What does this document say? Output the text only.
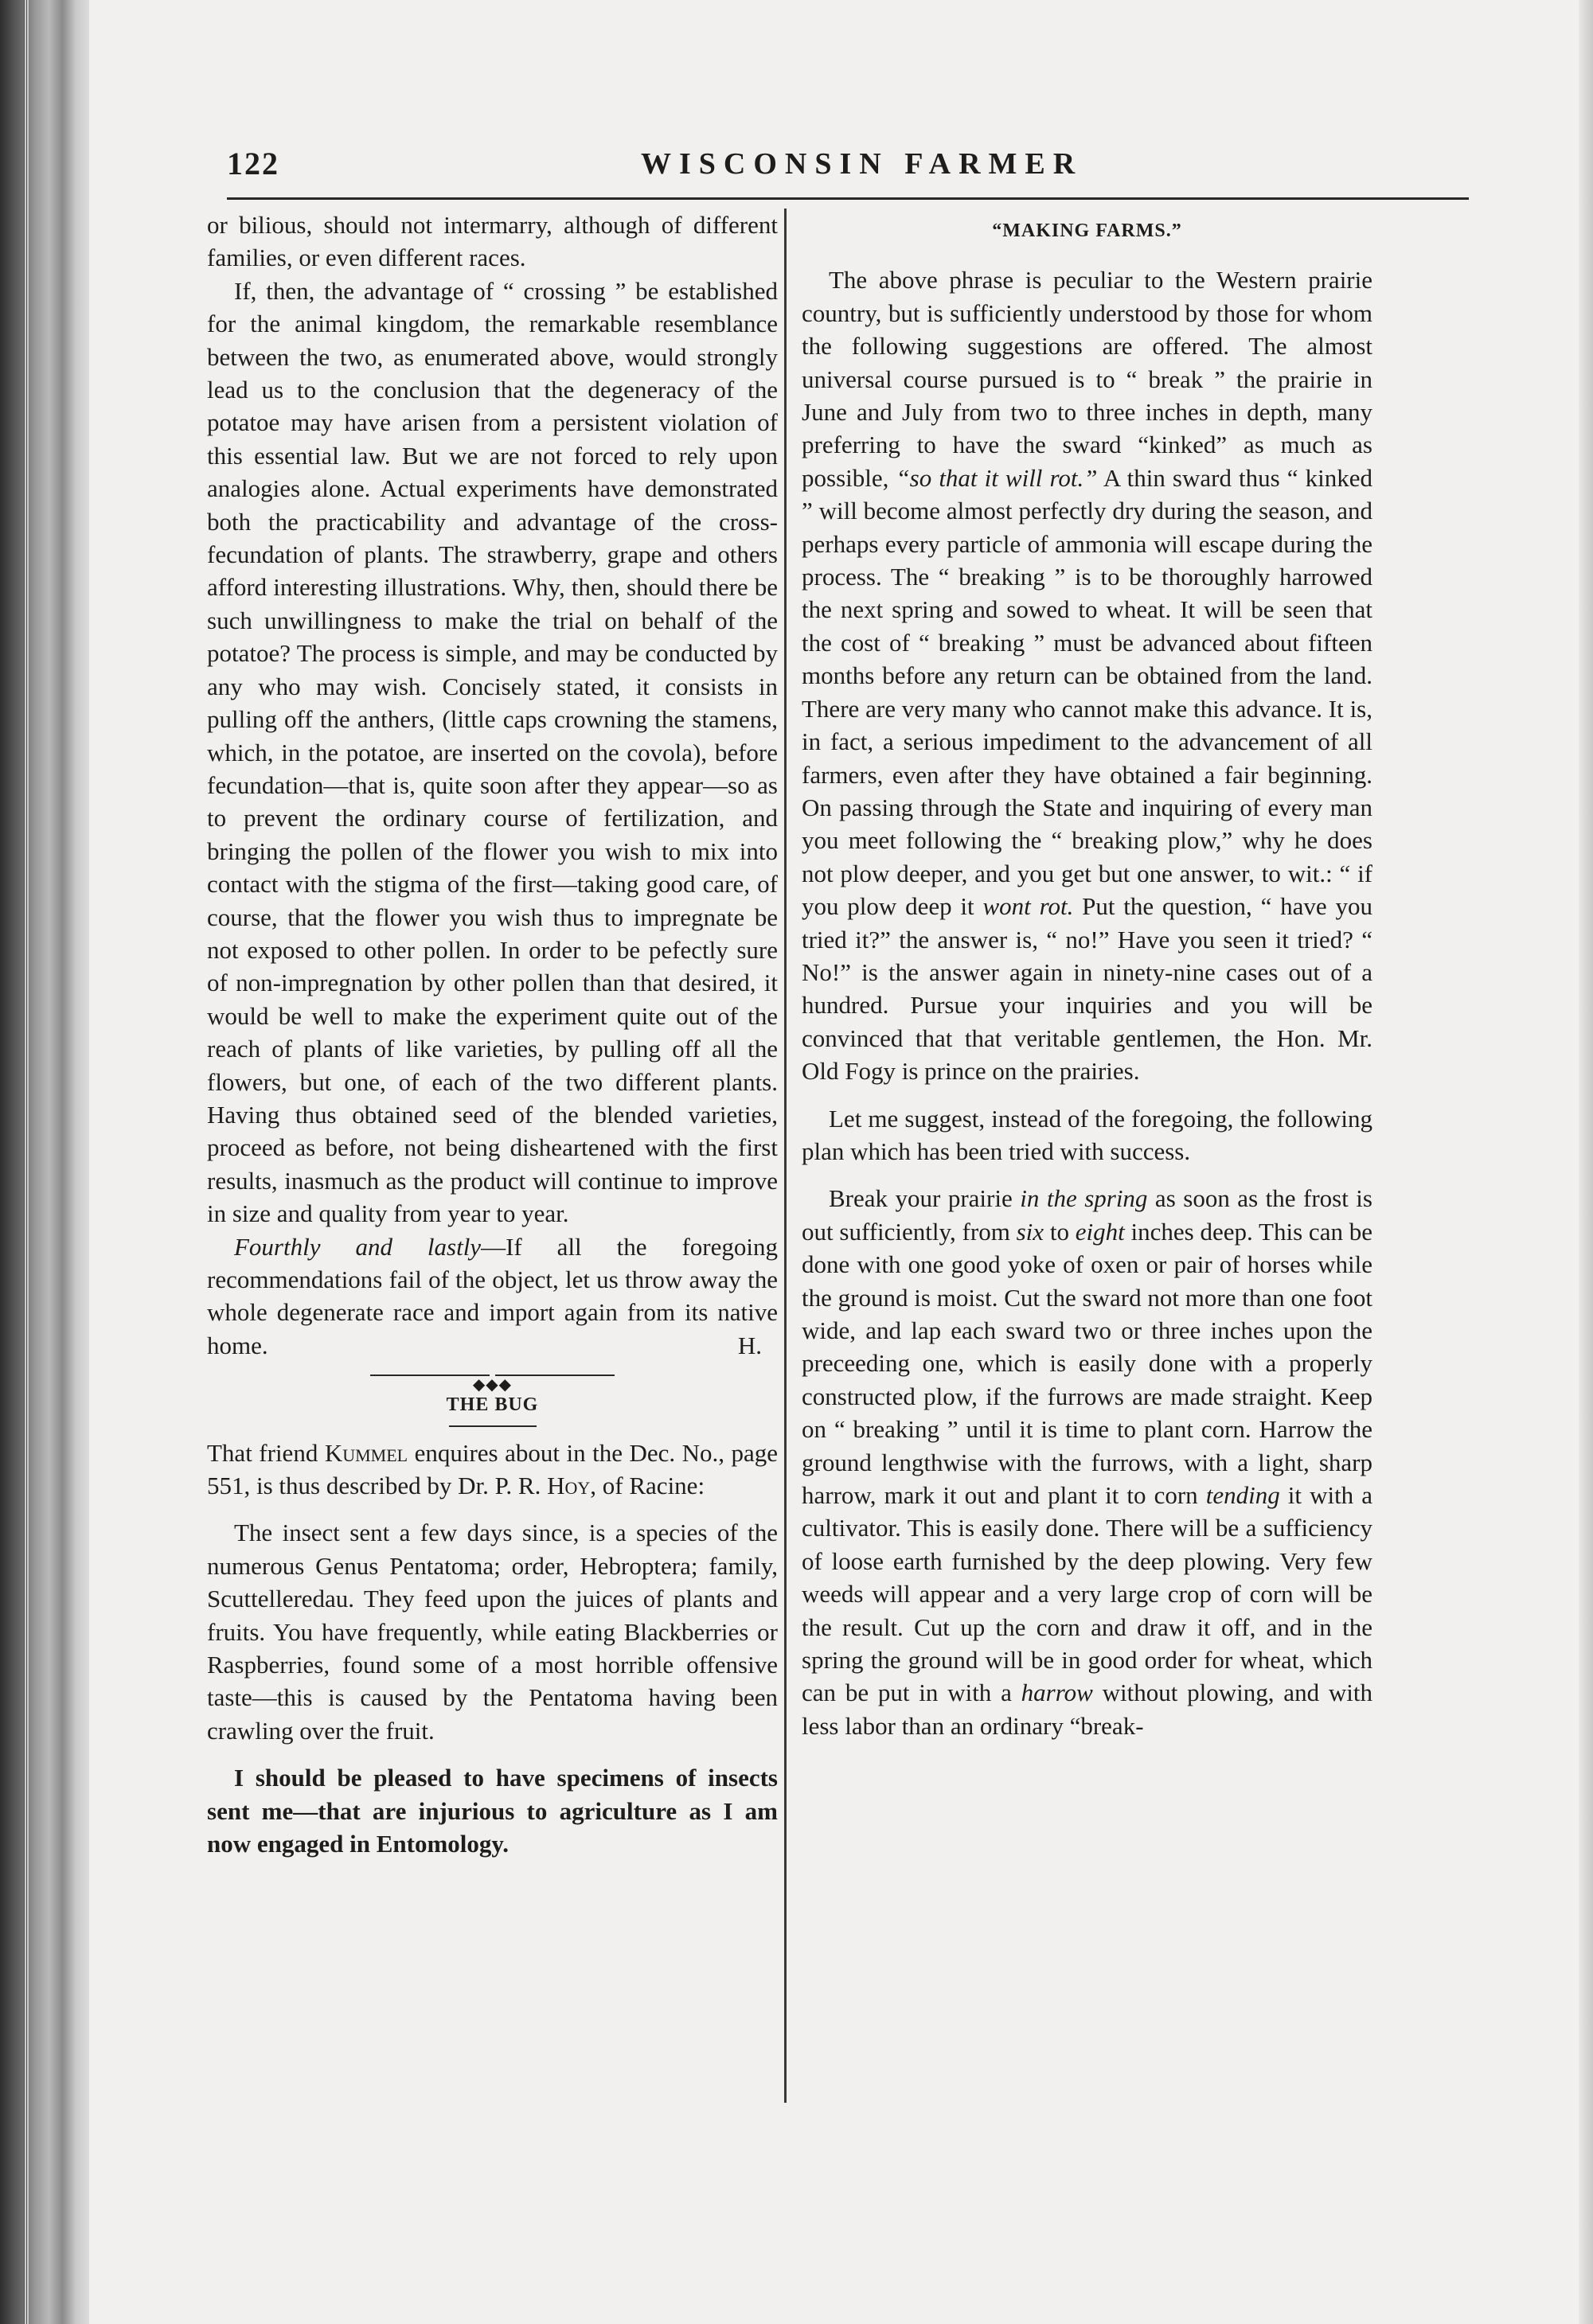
122	WISCONSIN FARMER

or bilious, should not intermarry, although of different families, or even different races.

If, then, the advantage of “ crossing ” be established for the animal kingdom, the remarkable resemblance between the two, as enumerated above, would strongly lead us to the conclusion that the degeneracy of the potatoe may have arisen from a persistent violation of this essential law. But we are not forced to rely upon analogies alone. Actual experiments have demonstrated both the practicability and advantage of the cross-fecundation of plants. The strawberry, grape and others afford interesting illustrations. Why, then, should there be such unwillingness to make the trial on behalf of the potatoe? The process is simple, and may be conducted by any who may wish. Concisely stated, it consists in pulling off the anthers, (little caps crowning the stamens, which, in the potatoe, are inserted on the covola), before fecundation—that is, quite soon after they appear—so as to prevent the ordinary course of fertilization, and bringing the pollen of the flower you wish to mix into contact with the stigma of the first—taking good care, of course, that the flower you wish thus to impregnate be not exposed to other pollen. In order to be pefectly sure of non-impregnation by other pollen than that desired, it would be well to make the experiment quite out of the reach of plants of like varieties, by pulling off all the flowers, but one, of each of the two different plants. Having thus obtained seed of the blended varieties, proceed as before, not being disheartened with the first results, inasmuch as the product will continue to improve in size and quality from year to year.

Fourthly and lastly—If all the foregoing recommendations fail of the object, let us throw away the whole degenerate race and import again from its native home.	H.

◆◆◆
THE BUG

That friend Kummel enquires about in the Dec. No., page 551, is thus described by Dr. P. R. Hoy, of Racine:

The insect sent a few days since, is a species of the numerous Genus Pentatoma; order, Hebroptera; family, Scuttelleredau. They feed upon the juices of plants and fruits. You have frequently, while eating Blackberries or Raspberries, found some of a most horrible offensive taste—this is caused by the Pentatoma having been crawling over the fruit.

I should be pleased to have specimens of insects sent me—that are injurious to agriculture as I am now engaged in Entomology.

“MAKING FARMS.”

The above phrase is peculiar to the Western prairie country, but is sufficiently understood by those for whom the following suggestions are offered. The almost universal course pursued is to “ break ” the prairie in June and July from two to three inches in depth, many preferring to have the sward “kinked” as much as possible, “so that it will rot.” A thin sward thus “ kinked ” will become almost perfectly dry during the season, and perhaps every particle of ammonia will escape during the process. The “ breaking ” is to be thoroughly harrowed the next spring and sowed to wheat. It will be seen that the cost of “ breaking ” must be advanced about fifteen months before any return can be obtained from the land. There are very many who cannot make this advance. It is, in fact, a serious impediment to the advancement of all farmers, even after they have obtained a fair beginning. On passing through the State and inquiring of every man you meet following the “ breaking plow,” why he does not plow deeper, and you get but one answer, to wit.: “ if you plow deep it wont rot. Put the question, “ have you tried it?” the answer is, “ no!” Have you seen it tried? “ No!” is the answer again in ninety-nine cases out of a hundred. Pursue your inquiries and you will be convinced that that veritable gentlemen, the Hon. Mr. Old Fogy is prince on the prairies.

Let me suggest, instead of the foregoing, the following plan which has been tried with success.

Break your prairie in the spring as soon as the frost is out sufficiently, from six to eight inches deep. This can be done with one good yoke of oxen or pair of horses while the ground is moist. Cut the sward not more than one foot wide, and lap each sward two or three inches upon the preceeding one, which is easily done with a properly constructed plow, if the furrows are made straight. Keep on “ breaking ” until it is time to plant corn. Harrow the ground lengthwise with the furrows, with a light, sharp harrow, mark it out and plant it to corn tending it with a cultivator. This is easily done. There will be a sufficiency of loose earth furnished by the deep plowing. Very few weeds will appear and a very large crop of corn will be the result. Cut up the corn and draw it off, and in the spring the ground will be in good order for wheat, which can be put in with a harrow without plowing, and with less labor than an ordinary “break-
